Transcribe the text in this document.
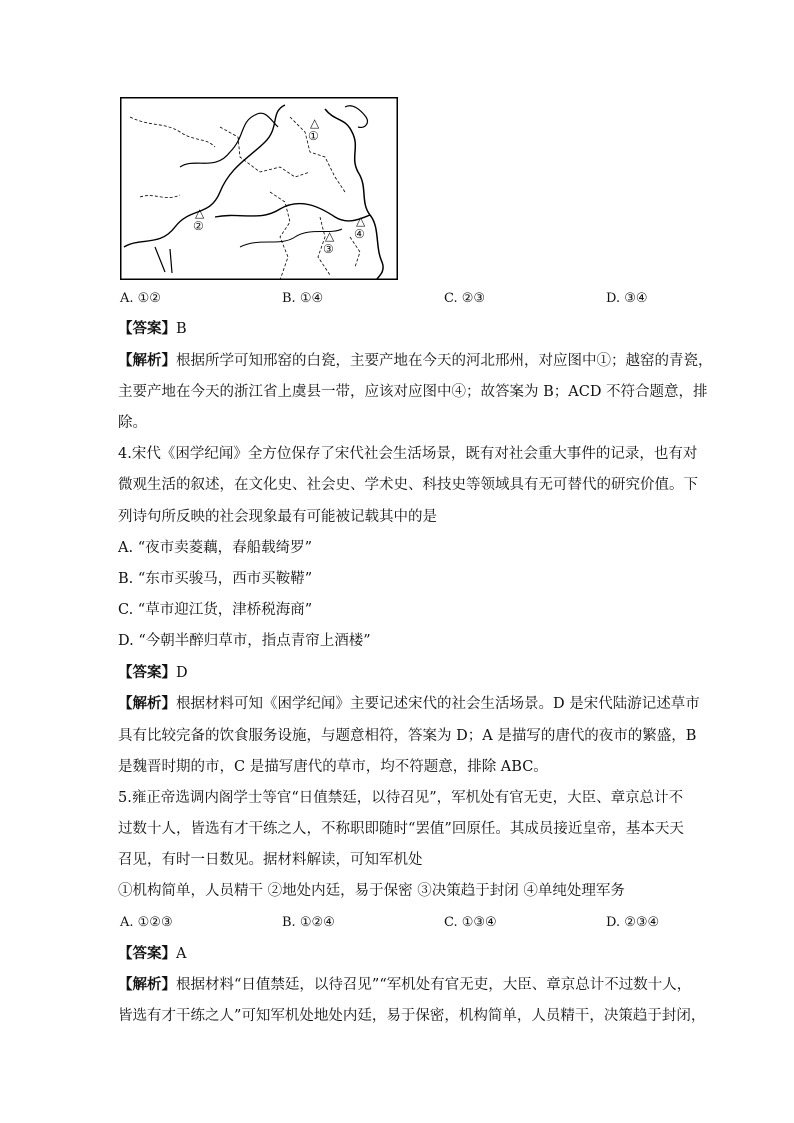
△
①
△
②
△
③
△
④
A. ①②	B. ①④	C. ②③	D. ③④
【答案】B
【解析】根据所学可知邢窑的白瓷，主要产地在今天的河北邢州，对应图中①；越窑的青瓷，
主要产地在今天的浙江省上虞县一带，应该对应图中④；故答案为 B；ACD 不符合题意，排
除。
4.宋代《困学纪闻》全方位保存了宋代社会生活场景，既有对社会重大事件的记录，也有对
微观生活的叙述，在文化史、社会史、学术史、科技史等领域具有无可替代的研究价值。下
列诗句所反映的社会现象最有可能被记载其中的是
A. “夜市卖菱藕，春船载绮罗”
B. “东市买骏马，西市买鞍鞯”
C. “草市迎江货，津桥税海商”
D. “今朝半醉归草市，指点青帘上酒楼”
【答案】D
【解析】根据材料可知《困学纪闻》主要记述宋代的社会生活场景。D 是宋代陆游记述草市
具有比较完备的饮食服务设施，与题意相符，答案为 D；A 是描写的唐代的夜市的繁盛，B
是魏晋时期的市，C 是描写唐代的草市，均不符题意，排除 ABC。
5.雍正帝选调内阁学士等官“日值禁廷，以待召见”，军机处有官无吏，大臣、章京总计不
过数十人，皆选有才干练之人，不称职即随时“罢值”回原任。其成员接近皇帝，基本天天
召见，有时一日数见。据材料解读，可知军机处
①机构简单，人员精干 ②地处内廷，易于保密 ③决策趋于封闭 ④单纯处理军务
A. ①②③	B. ①②④	C. ①③④	D. ②③④
【答案】A
【解析】根据材料“日值禁廷，以待召见”“军机处有官无吏，大臣、章京总计不过数十人，
皆选有才干练之人”可知军机处地处内廷，易于保密，机构简单，人员精干，决策趋于封闭，
